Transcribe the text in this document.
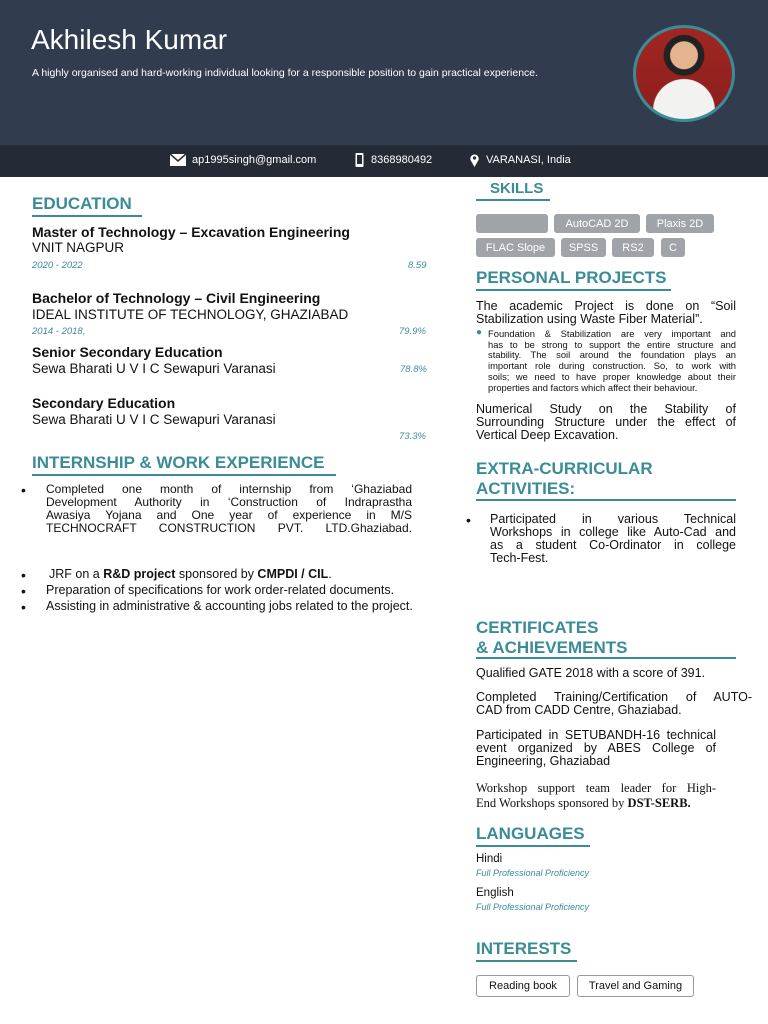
Akhilesh Kumar
A highly organised and hard-working individual looking for a responsible position to gain practical experience.
ap1995singh@gmail.com	8368980492	VARANASI, India
EDUCATION
Master of Technology – Excavation Engineering
VNIT NAGPUR
2020 - 2022	8.59
Bachelor of Technology – Civil Engineering
IDEAL INSTITUTE OF TECHNOLOGY, GHAZIABAD
2014 - 2018,	79.9%
Senior Secondary Education
Sewa Bharati U V I C Sewapuri Varanasi	78.8%
Secondary Education
Sewa Bharati U V I C Sewapuri Varanasi
73.3%
INTERNSHIP & WORK EXPERIENCE
• Completed one month of internship from ‘Ghaziabad
Development Authority in ‘Construction of Indraprastha
Awasiya Yojana and One year of experience in M/S
TECHNOCRAFT CONSTRUCTION PVT. LTD.Ghaziabad.
• JRF on a R&D project sponsored by CMPDI / CIL.
• Preparation of specifications for work order-related documents.
• Assisting in administrative & accounting jobs related to the project.
SKILLS
AutoCAD 2D	Plaxis 2D
FLAC Slope	SPSS	RS2	C
PERSONAL PROJECTS
The academic Project is done on “Soil
Stabilization using Waste Fiber Material”.
● Foundation & Stabilization are very important and
has to be strong to support the entire structure and
stability. The soil around the foundation plays an
important role during construction. So, to work with
soils; we need to have proper knowledge about their
properties and factors which affect their behaviour.
Numerical Study on the Stability of
Surrounding Structure under the effect of
Vertical Deep Excavation.
EXTRA-CURRICULAR
ACTIVITIES:
• Participated in various Technical
Workshops in college like Auto-Cad and
as a student Co-Ordinator in college
Tech-Fest.
CERTIFICATES
& ACHIEVEMENTS
Qualified GATE 2018 with a score of 391.
Completed Training/Certification of AUTO-
CAD from CADD Centre, Ghaziabad.
Participated in SETUBANDH-16 technical
event organized by ABES College of
Engineering, Ghaziabad
Workshop support team leader for High-
End Workshops sponsored by DST-SERB.
LANGUAGES
Hindi
Full Professional Proficiency
English
Full Professional Proficiency
INTERESTS
Reading book	Travel and Gaming
